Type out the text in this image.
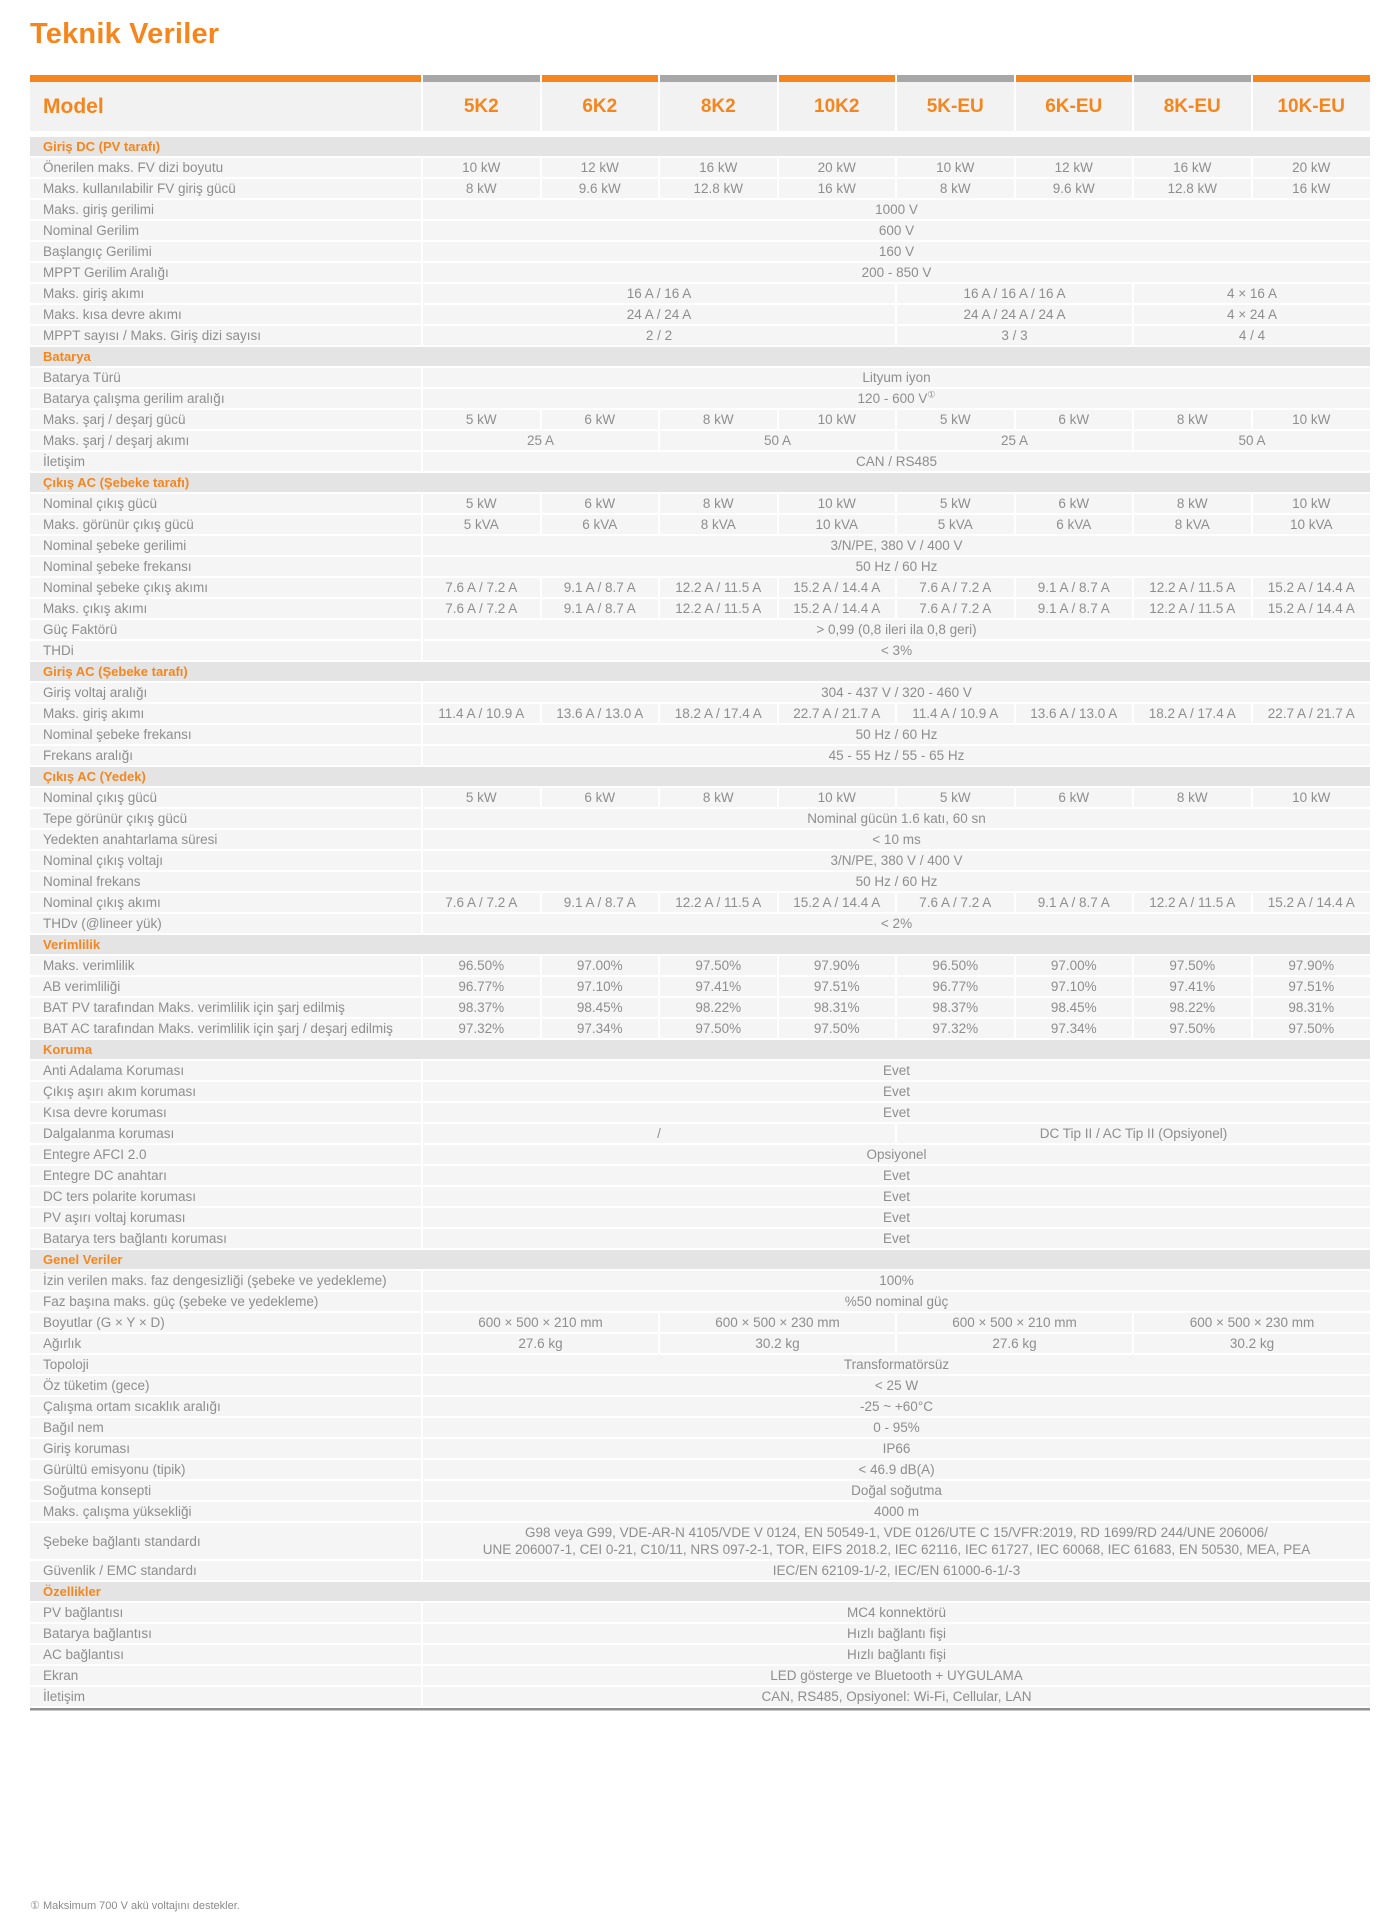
Teknik Veriler

Model	5K2	6K2	8K2	10K2	5K-EU	6K-EU	8K-EU	10K-EU
Giriş DC (PV tarafı)								
Önerilen maks. FV dizi boyutu	10 kW	12 kW	16 kW	20 kW	10 kW	12 kW	16 kW	20 kW
Maks. kullanılabilir FV giriş gücü	8 kW	9.6 kW	12.8 kW	16 kW	8 kW	9.6 kW	12.8 kW	16 kW
Maks. giriş gerilimi	1000 V							
Nominal Gerilim	600 V							
Başlangıç Gerilimi	160 V							
MPPT Gerilim Aralığı	200 - 850 V							
Maks. giriş akımı	16 A / 16 A				16 A / 16 A / 16 A		4 × 16 A	
Maks. kısa devre akımı	24 A / 24 A				24 A / 24 A / 24 A		4 × 24 A	
MPPT sayısı / Maks. Giriş dizi sayısı	2 / 2				3 / 3		4 / 4	
Batarya								
Batarya Türü	Lityum iyon							
Batarya çalışma gerilim aralığı	120 - 600 V①
Maks. şarj / deşarj gücü	5 kW	6 kW	8 kW	10 kW	5 kW	6 kW	8 kW	10 kW
Maks. şarj / deşarj akımı	25 A		50 A		25 A		50 A	
İletişim	CAN / RS485							
Çıkış AC (Şebeke tarafı)								
Nominal çıkış gücü	5 kW	6 kW	8 kW	10 kW	5 kW	6 kW	8 kW	10 kW
Maks. görünür çıkış gücü	5 kVA	6 kVA	8 kVA	10 kVA	5 kVA	6 kVA	8 kVA	10 kVA
Nominal şebeke gerilimi	3/N/PE, 380 V / 400 V							
Nominal şebeke frekansı	50 Hz / 60 Hz							
Nominal şebeke çıkış akımı	7.6 A / 7.2 A	9.1 A / 8.7 A	12.2 A / 11.5 A	15.2 A / 14.4 A	7.6 A / 7.2 A	9.1 A / 8.7 A	12.2 A / 11.5 A	15.2 A / 14.4 A
Maks. çıkış akımı	7.6 A / 7.2 A	9.1 A / 8.7 A	12.2 A / 11.5 A	15.2 A / 14.4 A	7.6 A / 7.2 A	9.1 A / 8.7 A	12.2 A / 11.5 A	15.2 A / 14.4 A
Güç Faktörü	> 0,99 (0,8 ileri ila 0,8 geri)							
THDi	< 3%							
Giriş AC (Şebeke tarafı)								
Giriş voltaj aralığı	304 - 437 V / 320 - 460 V							
Maks. giriş akımı	11.4 A / 10.9 A	13.6 A / 13.0 A	18.2 A / 17.4 A	22.7 A / 21.7 A	11.4 A / 10.9 A	13.6 A / 13.0 A	18.2 A / 17.4 A	22.7 A / 21.7 A
Nominal şebeke frekansı	50 Hz / 60 Hz							
Frekans aralığı	45 - 55 Hz / 55 - 65 Hz							
Çıkış AC (Yedek)								
Nominal çıkış gücü	5 kW	6 kW	8 kW	10 kW	5 kW	6 kW	8 kW	10 kW
Tepe görünür çıkış gücü	Nominal gücün 1.6 katı, 60 sn							
Yedekten anahtarlama süresi	< 10 ms							
Nominal çıkış voltajı	3/N/PE, 380 V / 400 V							
Nominal frekans	50 Hz / 60 Hz							
Nominal çıkış akımı	7.6 A / 7.2 A	9.1 A / 8.7 A	12.2 A / 11.5 A	15.2 A / 14.4 A	7.6 A / 7.2 A	9.1 A / 8.7 A	12.2 A / 11.5 A	15.2 A / 14.4 A
THDv (@lineer yük)	< 2%							
Verimlilik								
Maks. verimlilik	96.50%	97.00%	97.50%	97.90%	96.50%	97.00%	97.50%	97.90%
AB verimliliği	96.77%	97.10%	97.41%	97.51%	96.77%	97.10%	97.41%	97.51%
BAT PV tarafından Maks. verimlilik için şarj edilmiş	98.37%	98.45%	98.22%	98.31%	98.37%	98.45%	98.22%	98.31%
BAT AC tarafından Maks. verimlilik için şarj / deşarj edilmiş	97.32%	97.34%	97.50%	97.50%	97.32%	97.34%	97.50%	97.50%
Koruma								
Anti Adalama Koruması	Evet							
Çıkış aşırı akım koruması	Evet							
Kısa devre koruması	Evet							
Dalgalanma koruması	/				DC Tip II / AC Tip II (Opsiyonel)			
Entegre AFCI 2.0	Opsiyonel							
Entegre DC anahtarı	Evet							
DC ters polarite koruması	Evet							
PV aşırı voltaj koruması	Evet							
Batarya ters bağlantı koruması	Evet							
Genel Veriler								
İzin verilen maks. faz dengesizliği (şebeke ve yedekleme)	100%							
Faz başına maks. güç (şebeke ve yedekleme)	%50 nominal güç							
Boyutlar (G × Y × D)	600 × 500 × 210 mm		600 × 500 × 230 mm		600 × 500 × 210 mm		600 × 500 × 230 mm	
Ağırlık	27.6 kg		30.2 kg		27.6 kg		30.2 kg	
Topoloji	Transformatörsüz							
Öz tüketim (gece)	< 25 W							
Çalışma ortam sıcaklık aralığı	-25 ~ +60°C							
Bağıl nem	0 - 95%							
Giriş koruması	IP66							
Gürültü emisyonu (tipik)	< 46.9 dB(A)							
Soğutma konsepti	Doğal soğutma							
Maks. çalışma yüksekliği	4000 m							
Şebeke bağlantı standardı	G98 veya G99, VDE-AR-N 4105/VDE V 0124, EN 50549-1, VDE 0126/UTE C 15/VFR:2019, RD 1699/RD 244/UNE 206006/
UNE 206007-1, CEI 0-21, C10/11, NRS 097-2-1, TOR, EIFS 2018.2, IEC 62116, IEC 61727, IEC 60068, IEC 61683, EN 50530, MEA, PEA							

Güvenlik / EMC standardı	IEC/EN 62109-1/-2, IEC/EN 61000-6-1/-3							
Özellikler								
PV bağlantısı	MC4 konnektörü							
Batarya bağlantısı	Hızlı bağlantı fişi							
AC bağlantısı	Hızlı bağlantı fişi							
Ekran	LED gösterge ve Bluetooth + UYGULAMA							
İletişim	CAN, RS485, Opsiyonel: Wi-Fi, Cellular, LAN							
① Maksimum 700 V akü voltajını destekler.
